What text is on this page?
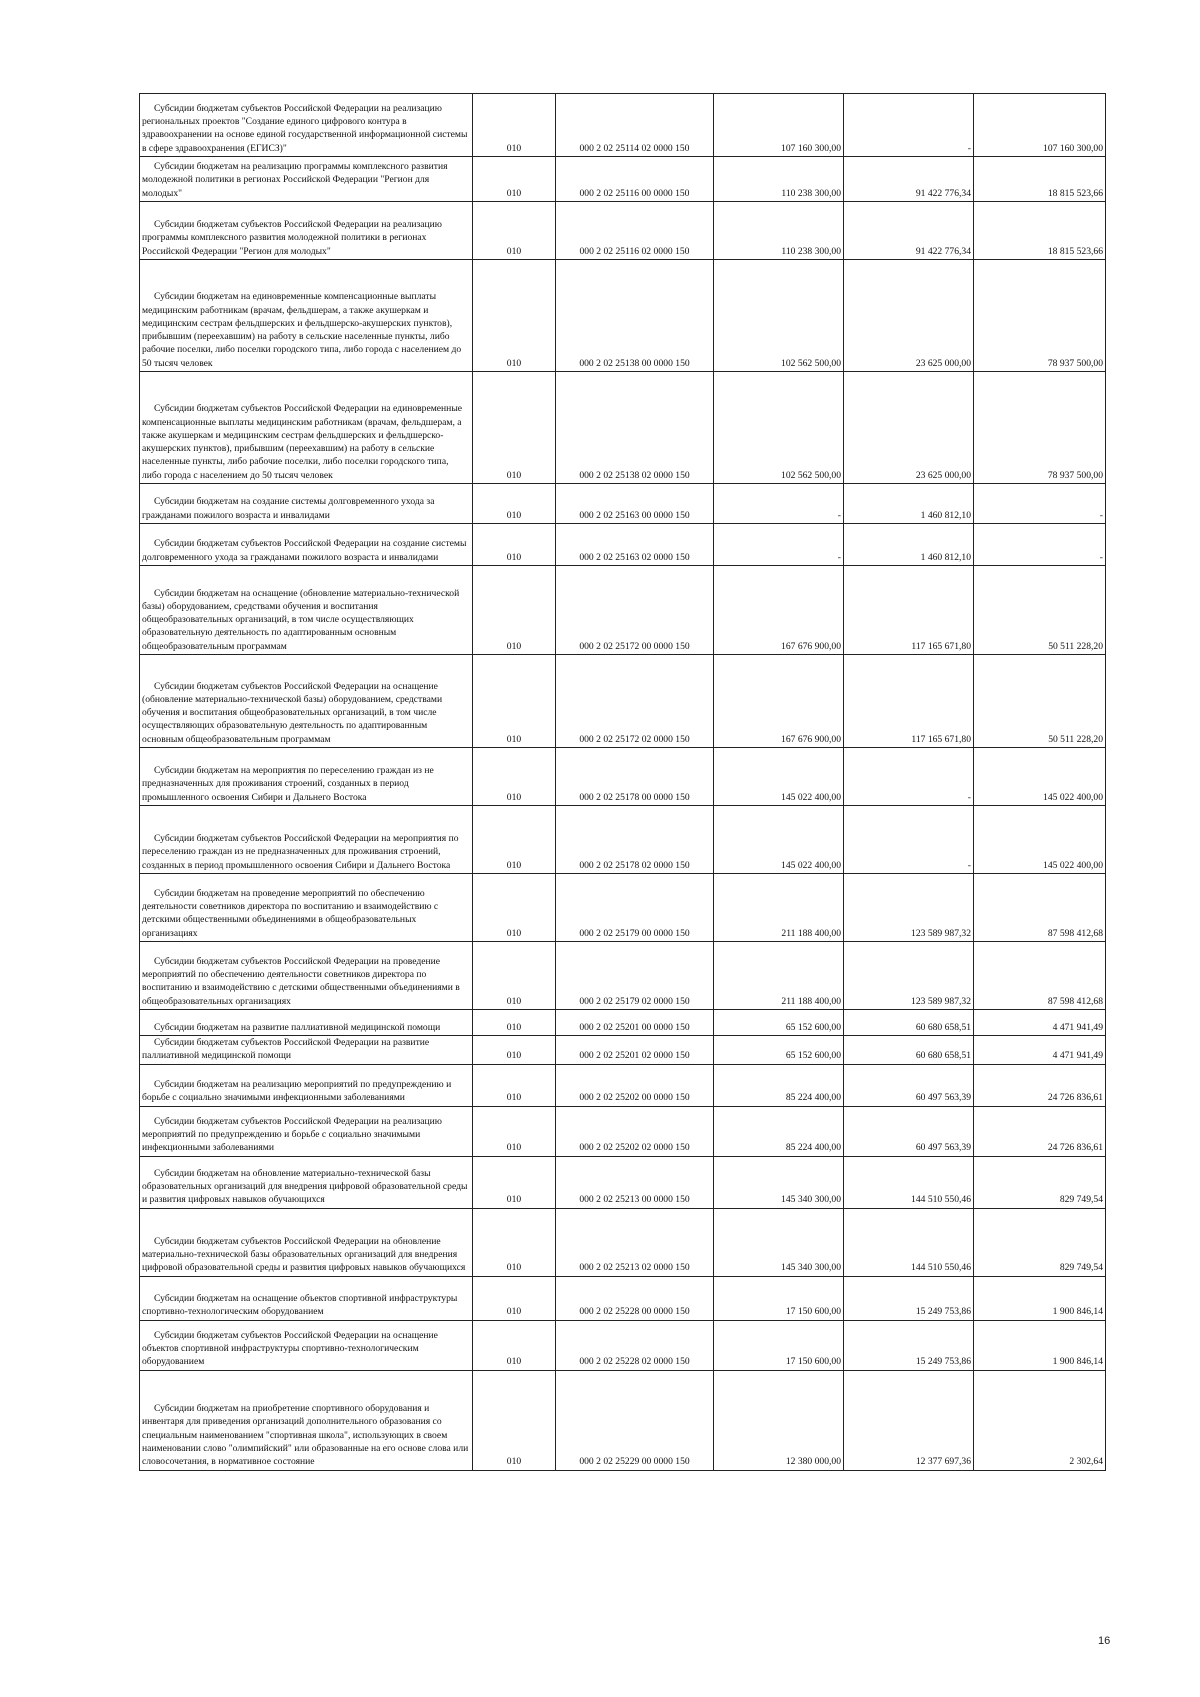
Субсидии бюджетам субъектов Российской Федерации на реализацию региональных проектов "Создание единого цифрового контура в здравоохранении на основе единой государственной информационной системы в сфере здравоохранения (ЕГИСЗ)"	010	000 2 02 25114 02 0000 150	107 160 300,00	-	107 160 300,00
Субсидии бюджетам на реализацию программы комплексного развития молодежной политики в регионах Российской Федерации "Регион для молодых"	010	000 2 02 25116 00 0000 150	110 238 300,00	91 422 776,34	18 815 523,66
Субсидии бюджетам субъектов Российской Федерации на реализацию программы комплексного развития молодежной политики в регионах Российской Федерации "Регион для молодых"	010	000 2 02 25116 02 0000 150	110 238 300,00	91 422 776,34	18 815 523,66
Субсидии бюджетам на единовременные компенсационные выплаты медицинским работникам (врачам, фельдшерам, а также акушеркам и медицинским сестрам фельдшерских и фельдшерско-акушерских пунктов), прибывшим (переехавшим) на работу в сельские населенные пункты, либо рабочие поселки, либо поселки городского типа, либо города с населением до 50 тысяч человек	010	000 2 02 25138 00 0000 150	102 562 500,00	23 625 000,00	78 937 500,00
Субсидии бюджетам субъектов Российской Федерации на единовременные компенсационные выплаты медицинским работникам (врачам, фельдшерам, а также акушеркам и медицинским сестрам фельдшерских и фельдшерско-акушерских пунктов), прибывшим (переехавшим) на работу в сельские населенные пункты, либо рабочие поселки, либо поселки городского типа, либо города с населением до 50 тысяч человек	010	000 2 02 25138 02 0000 150	102 562 500,00	23 625 000,00	78 937 500,00
Субсидии бюджетам на создание системы долговременного ухода за гражданами пожилого возраста и инвалидами	010	000 2 02 25163 00 0000 150	-	1 460 812,10	-
Субсидии бюджетам субъектов Российской Федерации на создание системы долговременного ухода за гражданами пожилого возраста и инвалидами	010	000 2 02 25163 02 0000 150	-	1 460 812,10	-
Субсидии бюджетам на оснащение (обновление материально-технической базы) оборудованием, средствами обучения и воспитания общеобразовательных организаций, в том числе осуществляющих образовательную деятельность по адаптированным основным общеобразовательным программам	010	000 2 02 25172 00 0000 150	167 676 900,00	117 165 671,80	50 511 228,20
Субсидии бюджетам субъектов Российской Федерации на оснащение (обновление материально-технической базы) оборудованием, средствами обучения и воспитания общеобразовательных организаций, в том числе осуществляющих образовательную деятельность по адаптированным основным общеобразовательным программам	010	000 2 02 25172 02 0000 150	167 676 900,00	117 165 671,80	50 511 228,20
Субсидии бюджетам на мероприятия по переселению граждан из не предназначенных для проживания строений, созданных в период промышленного освоения Сибири и Дальнего Востока	010	000 2 02 25178 00 0000 150	145 022 400,00	-	145 022 400,00
Субсидии бюджетам субъектов Российской Федерации на мероприятия по переселению граждан из не предназначенных для проживания строений, созданных в период промышленного освоения Сибири и Дальнего Востока	010	000 2 02 25178 02 0000 150	145 022 400,00	-	145 022 400,00
Субсидии бюджетам на проведение мероприятий по обеспечению деятельности советников директора по воспитанию и взаимодействию с детскими общественными объединениями в общеобразовательных организациях	010	000 2 02 25179 00 0000 150	211 188 400,00	123 589 987,32	87 598 412,68
Субсидии бюджетам субъектов Российской Федерации на проведение мероприятий по обеспечению деятельности советников директора по воспитанию и взаимодействию с детскими общественными объединениями в общеобразовательных организациях	010	000 2 02 25179 02 0000 150	211 188 400,00	123 589 987,32	87 598 412,68
Субсидии бюджетам на развитие паллиативной медицинской помощи	010	000 2 02 25201 00 0000 150	65 152 600,00	60 680 658,51	4 471 941,49
Субсидии бюджетам субъектов Российской Федерации на развитие паллиативной медицинской помощи	010	000 2 02 25201 02 0000 150	65 152 600,00	60 680 658,51	4 471 941,49
Субсидии бюджетам на реализацию мероприятий по предупреждению и борьбе с социально значимыми инфекционными заболеваниями	010	000 2 02 25202 00 0000 150	85 224 400,00	60 497 563,39	24 726 836,61
Субсидии бюджетам субъектов Российской Федерации на реализацию мероприятий по предупреждению и борьбе с социально значимыми инфекционными заболеваниями	010	000 2 02 25202 02 0000 150	85 224 400,00	60 497 563,39	24 726 836,61
Субсидии бюджетам на обновление материально-технической базы образовательных организаций для внедрения цифровой образовательной среды и развития цифровых навыков обучающихся	010	000 2 02 25213 00 0000 150	145 340 300,00	144 510 550,46	829 749,54
Субсидии бюджетам субъектов Российской Федерации на обновление материально-технической базы образовательных организаций для внедрения цифровой образовательной среды и развития цифровых навыков обучающихся	010	000 2 02 25213 02 0000 150	145 340 300,00	144 510 550,46	829 749,54
Субсидии бюджетам на оснащение объектов спортивной инфраструктуры спортивно-технологическим оборудованием	010	000 2 02 25228 00 0000 150	17 150 600,00	15 249 753,86	1 900 846,14
Субсидии бюджетам субъектов Российской Федерации на оснащение объектов спортивной инфраструктуры спортивно-технологическим оборудованием	010	000 2 02 25228 02 0000 150	17 150 600,00	15 249 753,86	1 900 846,14
Субсидии бюджетам на приобретение спортивного оборудования и инвентаря для приведения организаций дополнительного образования со специальным наименованием "спортивная школа", использующих в своем наименовании слово "олимпийский" или образованные на его основе слова или словосочетания, в нормативное состояние	010	000 2 02 25229 00 0000 150	12 380 000,00	12 377 697,36	2 302,64
16
